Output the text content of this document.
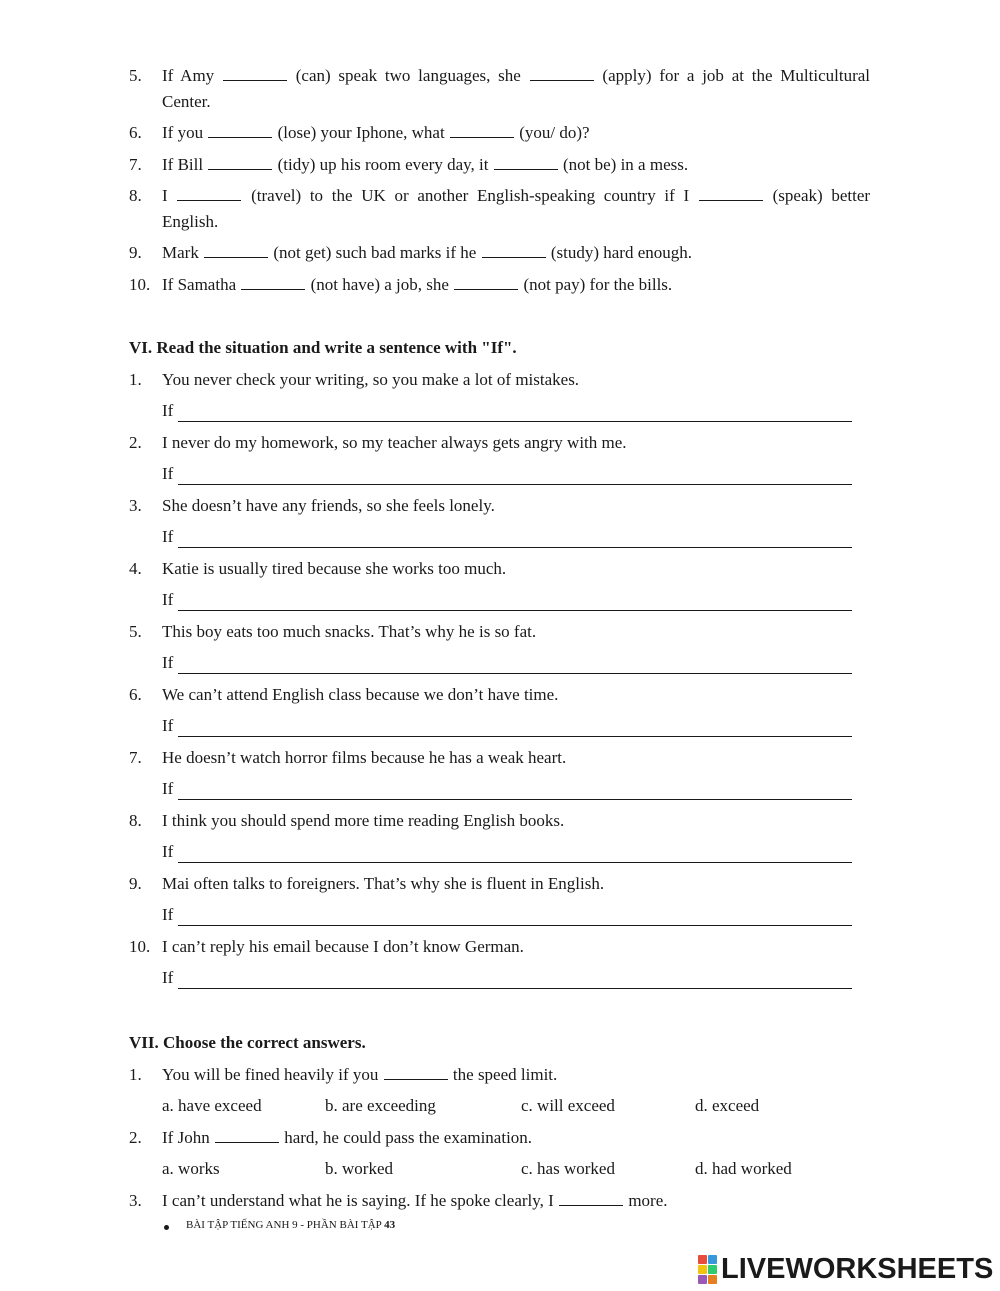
5. If Amy	(can) speak two languages, she	(apply) for a job at the Multicultural
Center.
6. If you	(lose) your Iphone, what	(you/ do)?
7. If Bill	(tidy) up his room every day, it	(not be) in a mess.
8. I	(travel) to the UK or another English-speaking country if I	(speak) better
English.
9. Mark	(not get) such bad marks if he	(study) hard enough.
10. If Samatha	(not have) a job, she	(not pay) for the bills.
VI. Read the situation and write a sentence with "If".
1. You never check your writing, so you make a lot of mistakes.
If
2. I never do my homework, so my teacher always gets angry with me.
If
3. She doesn’t have any friends, so she feels lonely.
If
4. Katie is usually tired because she works too much.
If
5. This boy eats too much snacks. That’s why he is so fat.
If
6. We can’t attend English class because we don’t have time.
If
7. He doesn’t watch horror films because he has a weak heart.
If
8. I think you should spend more time reading English books.
If
9. Mai often talks to foreigners. That’s why she is fluent in English.
If
10. I can’t reply his email because I don’t know German.
If
VII. Choose the correct answers.
1. You will be fined heavily if you	the speed limit.
a. have exceed	b. are exceeding	c. will exceed	d. exceed
2. If John	hard, he could pass the examination.
a. works	b. worked	c. has worked	d. had worked
3. I can’t understand what he is saying. If he spoke clearly, I	more.
BÀI TẬP TIẾNG ANH 9 - PHẦN BÀI TẬP 43
LIVEWORKSHEETS
